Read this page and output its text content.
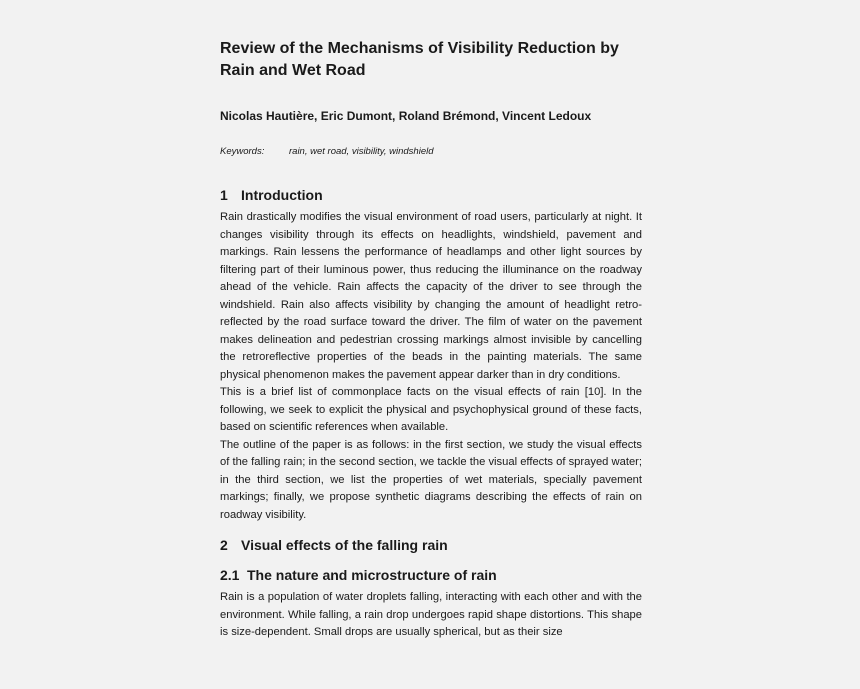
Review of the Mechanisms of Visibility Reduction by
Rain and Wet Road
Nicolas Hautière, Eric Dumont, Roland Brémond, Vincent Ledoux
Keywords:	rain, wet road, visibility, windshield
1 Introduction

Rain drastically modifies the visual environment of road users, particularly at night. It changes visibility through its effects on headlights, windshield, pavement and markings. Rain lessens the performance of headlamps and other light sources by filtering part of their luminous power, thus reducing the illuminance on the roadway ahead of the vehicle. Rain affects the capacity of the driver to see through the windshield. Rain also affects visibility by changing the amount of headlight retro-reflected by the road surface toward the driver. The film of water on the pavement makes delineation and pedestrian crossing markings almost invisible by cancelling the retroreflective properties of the beads in the painting materials. The same physical phenomenon makes the pavement appear darker than in dry conditions.

This is a brief list of commonplace facts on the visual effects of rain [10]. In the following, we seek to explicit the physical and psychophysical ground of these facts, based on scientific references when available.

The outline of the paper is as follows: in the first section, we study the visual effects of the falling rain; in the second section, we tackle the visual effects of sprayed water; in the third section, we list the properties of wet materials, specially pavement markings; finally, we propose synthetic diagrams describing the effects of rain on roadway visibility.

2 Visual effects of the falling rain
2.1 The nature and microstructure of rain

Rain is a population of water droplets falling, interacting with each other and with the environment. While falling, a rain drop undergoes rapid shape distortions. This shape is size-dependent. Small drops are usually spherical, but as their size
